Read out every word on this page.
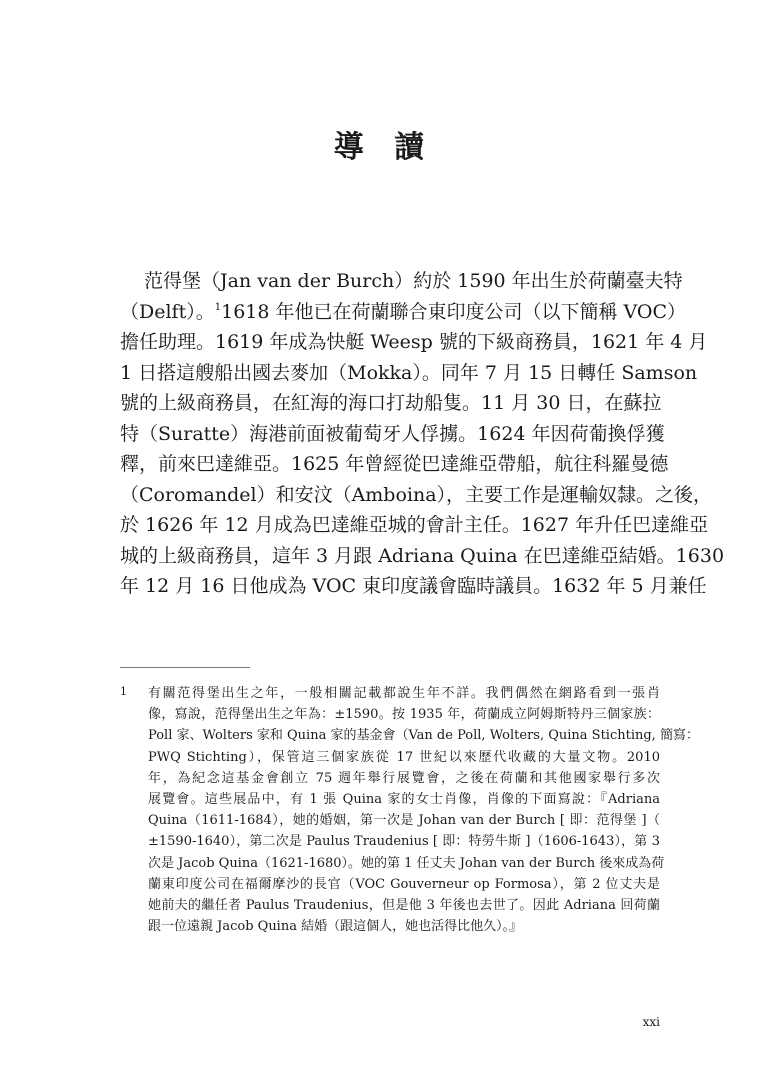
導 讀
范得堡（Jan van der Burch）約於 1590 年出生於荷蘭臺夫特
（Delft）。$^1$1618 年他已在荷蘭聯合東印度公司（以下簡稱 VOC）
擔任助理。1619 年成為快艇 Weesp 號的下級商務員，1621 年 4 月
1 日搭這艘船出國去麥加（Mokka）。同年 7 月 15 日轉任 Samson
號的上級商務員，在紅海的海口打劫船隻。11 月 30 日，在蘇拉
特（Suratte）海港前面被葡萄牙人俘擄。1624 年因荷葡換俘獲
釋，前來巴達維亞。1625 年曾經從巴達維亞帶船，航往科羅曼德
（Coromandel）和安汶（Amboina），主要工作是運輸奴隸。之後，
於 1626 年 12 月成為巴達維亞城的會計主任。1627 年升任巴達維亞
城的上級商務員，這年 3 月跟 Adriana Quina 在巴達維亞結婚。1630
年 12 月 16 日他成為 VOC 東印度議會臨時議員。1632 年 5 月兼任
1 有關范得堡出生之年，一般相關記載都說生年不詳。我們偶然在網路看到一張肖
像，寫說，范得堡出生之年為：±1590。按 1935 年，荷蘭成立阿姆斯特丹三個家族：
Poll 家、Wolters 家和 Quina 家的基金會（Van de Poll, Wolters, Quina Stichting, 簡寫：
PWQ Stichting），保管這三個家族從 17 世紀以來歷代收藏的大量文物。2010
年，為紀念這基金會創立 75 週年舉行展覽會，之後在荷蘭和其他國家舉行多次
展覽會。這些展品中，有 1 張 Quina 家的女士肖像，肖像的下面寫說：『Adriana
Quina（1611-1684），她的婚姻，第一次是 Johan van der Burch [ 即：范得堡 ]（
±1590-1640），第二次是 Paulus Traudenius [ 即：特勞牛斯 ]（1606-1643），第 3
次是 Jacob Quina（1621-1680）。她的第 1 任丈夫 Johan van der Burch 後來成為荷
蘭東印度公司在福爾摩沙的長官（VOC Gouverneur op Formosa），第 2 位丈夫是
她前夫的繼任者 Paulus Traudenius，但是他 3 年後也去世了。因此 Adriana 回荷蘭
跟一位遠親 Jacob Quina 結婚（跟這個人，她也活得比他久）。』
xxi
